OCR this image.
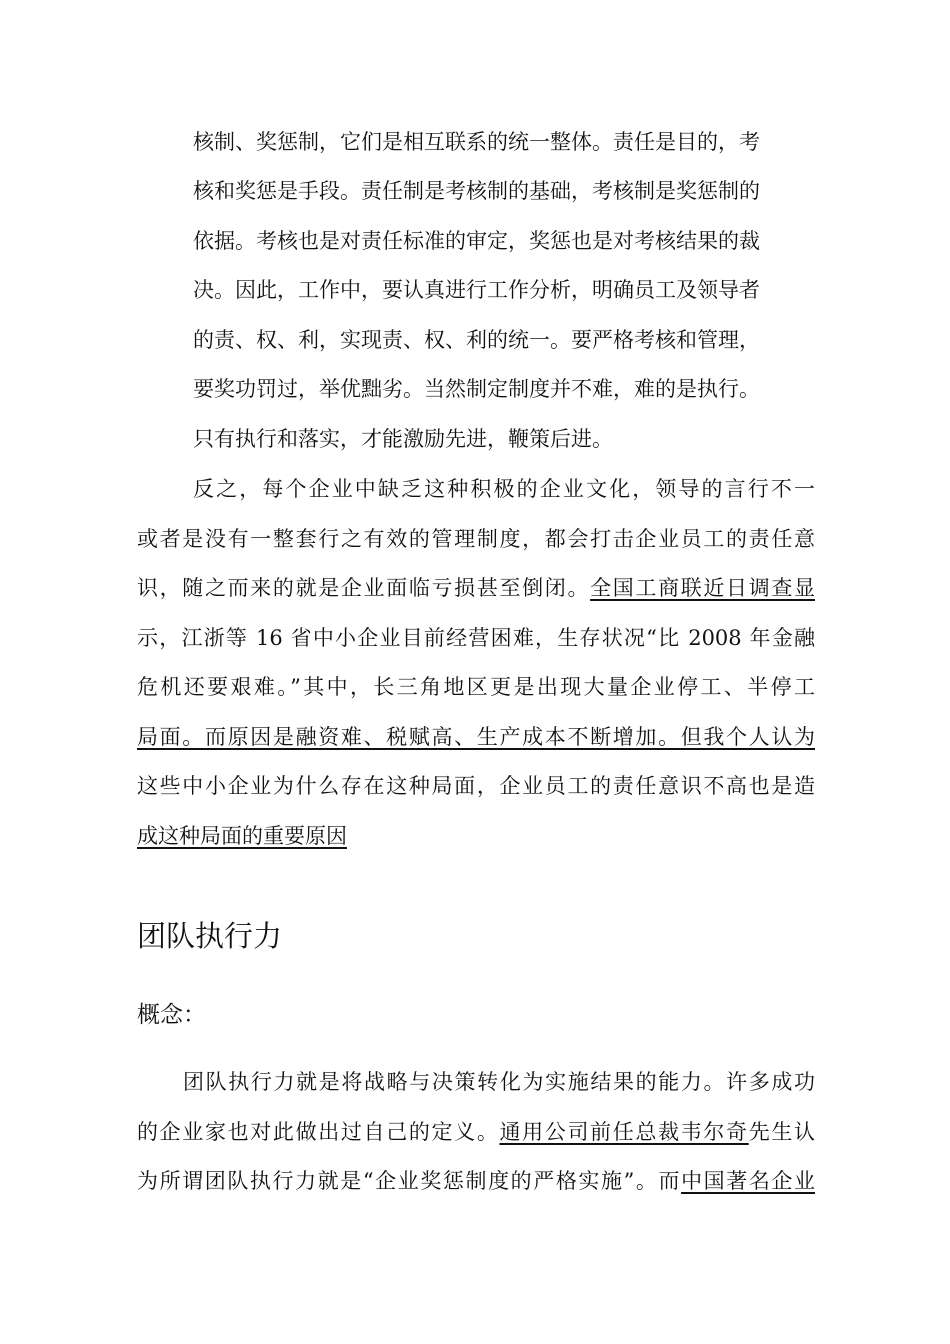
核制、奖惩制，它们是相互联系的统一整体。责任是目的，考
核和奖惩是手段。责任制是考核制的基础，考核制是奖惩制的
依据。考核也是对责任标准的审定，奖惩也是对考核结果的裁
决。因此，工作中，要认真进行工作分析，明确员工及领导者
的责、权、利，实现责、权、利的统一。要严格考核和管理，
要奖功罚过，举优黜劣。当然制定制度并不难，难的是执行。
只有执行和落实，才能激励先进，鞭策后进。
反之，每个企业中缺乏这种积极的企业文化，领导的言行不一
或者是没有一整套行之有效的管理制度，都会打击企业员工的责任意
识，随之而来的就是企业面临亏损甚至倒闭。全国工商联近日调查显
示，江浙等 16 省中小企业目前经营困难，生存状况“比 2008 年金融
危机还要艰难。”其中，长三角地区更是出现大量企业停工、半停工
局面。而原因是融资难、税赋高、生产成本不断增加。但我个人认为
这些中小企业为什么存在这种局面，企业员工的责任意识不高也是造
成这种局面的重要原因
团队执行力
概念：
团队执行力就是将战略与决策转化为实施结果的能力。许多成功
的企业家也对此做出过自己的定义。通用公司前任总裁韦尔奇先生认
为所谓团队执行力就是“企业奖惩制度的严格实施”。而中国著名企业
